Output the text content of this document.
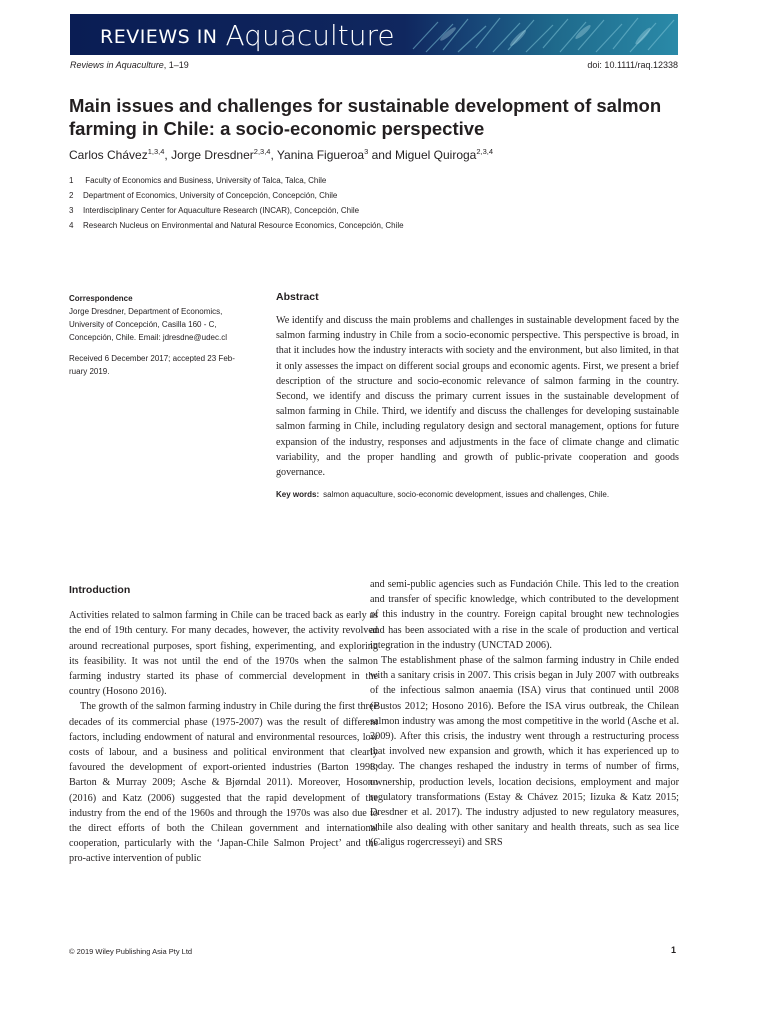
REVIEWS IN Aquaculture
Reviews in Aquaculture, 1–19	doi: 10.1111/raq.12338
Main issues and challenges for sustainable development of salmon farming in Chile: a socio-economic perspective
Carlos Chávez$^{1,3,4}$, Jorge Dresdner$^{2,3,4}$, Yanina Figueroa$^3$ and Miguel Quiroga$^{2,3,4}$
1 Faculty of Economics and Business, University of Talca, Talca, Chile
2 Department of Economics, University of Concepción, Concepción, Chile
3 Interdisciplinary Center for Aquaculture Research (INCAR), Concepción, Chile
4 Research Nucleus on Environmental and Natural Resource Economics, Concepción, Chile
Correspondence
Jorge Dresdner, Department of Economics,
University of Concepción, Casilla 160 - C,
Concepción, Chile. Email: jdresdne@udec.cl
Received 6 December 2017; accepted 23 Feb-
ruary 2019.
Abstract

We identify and discuss the main problems and challenges in sustainable development faced by the salmon farming industry in Chile from a socio-economic perspective. This perspective is broad, in that it includes how the industry interacts with society and the environment, but also limited, in that it only assesses the impact on different social groups and economic agents. First, we present a brief description of the structure and socio-economic relevance of salmon farming in the country. Second, we identify and discuss the primary current issues in the sustainable development of salmon farming in Chile. Third, we identify and discuss the challenges for developing sustainable salmon farming in Chile, including regulatory design and sectoral management, options for future expansion of the industry, responses and adjustments in the face of climate change and climatic variability, and the proper handling and growth of public-private cooperation and goods governance.

Key words: salmon aquaculture, socio-economic development, issues and challenges, Chile.
Introduction

Activities related to salmon farming in Chile can be traced back as early as the end of 19th century. For many decades, however, the activity revolved around recreational purposes, sport fishing, experimenting, and exploring its feasibility. It was not until the end of the 1970s when the salmon farming industry started its phase of commercial development in the country (Hosono 2016).

The growth of the salmon farming industry in Chile during the first three decades of its commercial phase (1975-2007) was the result of different factors, including endowment of natural and environmental resources, low costs of labour, and a business and political environment that clearly favoured the development of export-oriented industries (Barton 1998; Barton & Murray 2009; Asche & Bjørndal 2011). Moreover, Hosono (2016) and Katz (2006) suggested that the rapid development of the industry from the end of the 1960s and through the 1970s was also due to the direct efforts of both the Chilean government and international cooperation, particularly with the ‘Japan-Chile Salmon Project’ and the pro-active intervention of public

and semi-public agencies such as Fundación Chile. This led to the creation and transfer of specific knowledge, which contributed to the development of this industry in the country. Foreign capital brought new technologies and has been associated with a rise in the scale of production and vertical integration in the industry (UNCTAD 2006).

The establishment phase of the salmon farming industry in Chile ended with a sanitary crisis in 2007. This crisis began in July 2007 with outbreaks of the infectious salmon anaemia (ISA) virus that continued until 2008 (Bustos 2012; Hosono 2016). Before the ISA virus outbreak, the Chilean salmon industry was among the most competitive in the world (Asche et al. 2009). After this crisis, the industry went through a restructuring process that involved new expansion and growth, which it has experienced up to today. The changes reshaped the industry in terms of number of firms, ownership, production levels, location decisions, employment and major regulatory transformations (Estay & Chávez 2015; Iizuka & Katz 2015; Dresdner et al. 2017). The industry adjusted to new regulatory measures, while also dealing with other sanitary and health threats, such as sea lice (Caligus rogercresseyi) and SRS

© 2019 Wiley Publishing Asia Pty Ltd	1
